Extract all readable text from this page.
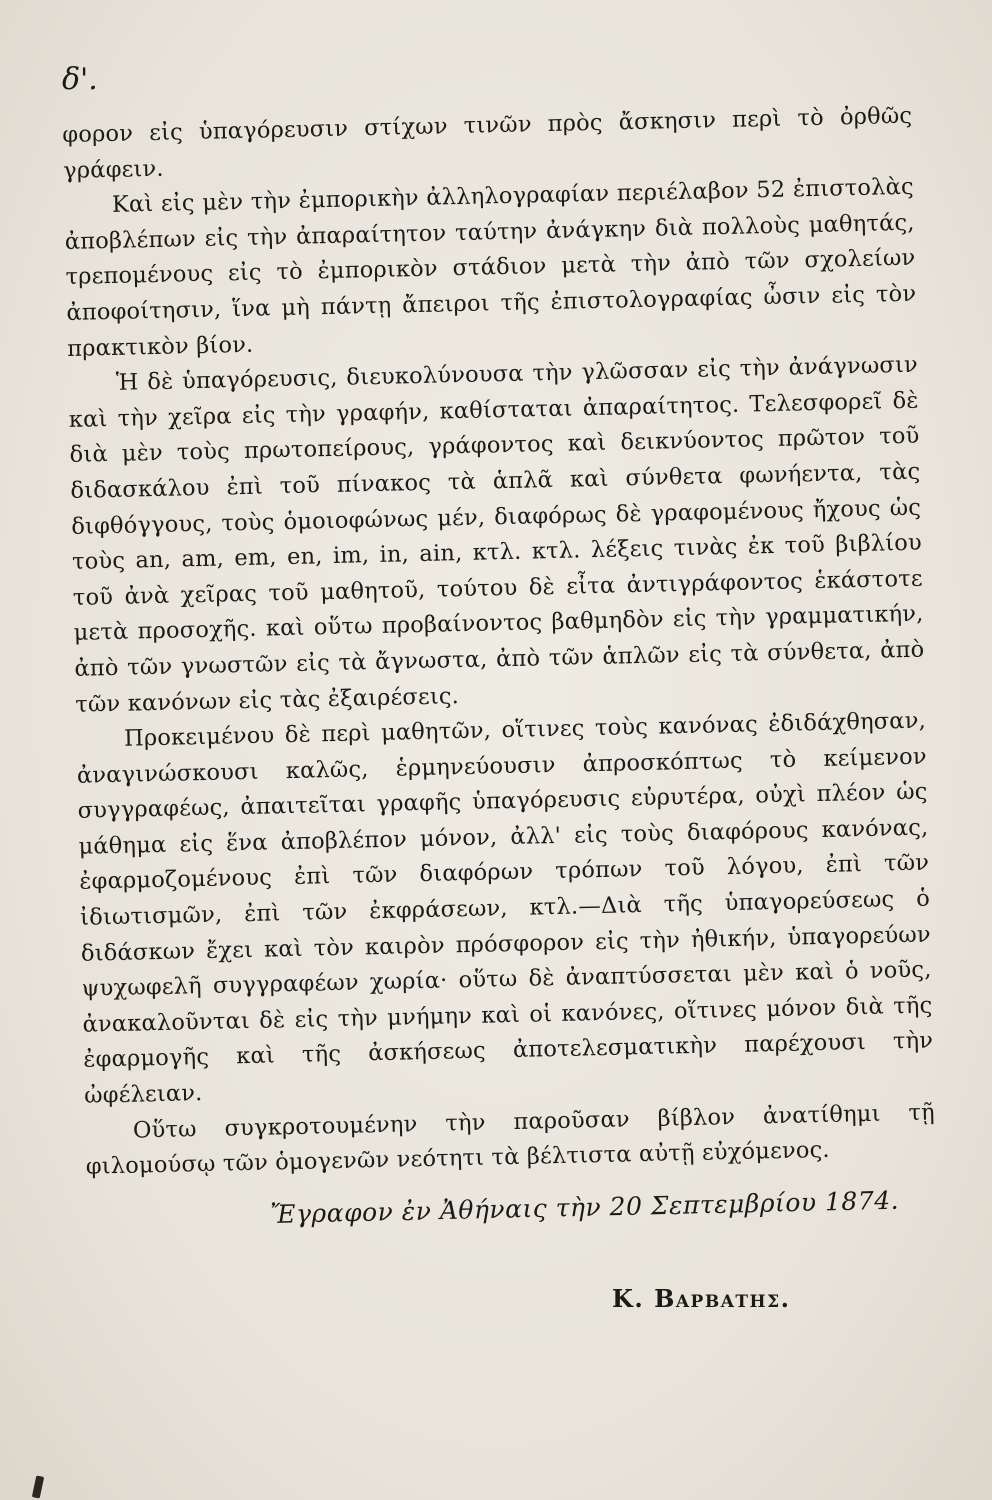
δ'.

φορον εἰς ὑπαγόρευσιν στίχων τινῶν πρὸς ἄσκησιν περὶ τὸ ὀρθῶς γράφειν.

Καὶ εἰς μὲν τὴν ἐμπορικὴν ἀλληλογραφίαν περιέλαβον 52 ἐπιστολὰς ἀποβλέπων εἰς τὴν ἀπαραίτητον ταύτην ἀνάγκην διὰ πολλοὺς μαθητάς, τρεπομένους εἰς τὸ ἐμπορικὸν στάδιον μετὰ τὴν ἀπὸ τῶν σχολείων ἀποφοίτησιν, ἵνα μὴ πάντῃ ἄπειροι τῆς ἐπιστολογραφίας ὦσιν εἰς τὸν πρακτικὸν βίον.

Ἡ δὲ ὑπαγόρευσις, διευκολύνουσα τὴν γλῶσσαν εἰς τὴν ἀνάγνωσιν καὶ τὴν χεῖρα εἰς τὴν γραφήν, καθίσταται ἀπαραίτητος. Τελεσφορεῖ δὲ διὰ μὲν τοὺς πρωτοπείρους, γράφοντος καὶ δεικνύοντος πρῶτον τοῦ διδασκάλου ἐπὶ τοῦ πίνακος τὰ ἁπλᾶ καὶ σύνθετα φωνήεντα, τὰς διφθόγγους, τοὺς ὁμοιοφώνως μέν, διαφόρως δὲ γραφομένους ἤχους ὡς τοὺς an, am, em, en, im, in, ain, κτλ. κτλ. λέξεις τινὰς ἐκ τοῦ βιβλίου τοῦ ἀνὰ χεῖρας τοῦ μαθητοῦ, τούτου δὲ εἶτα ἀντιγράφοντος ἑκάστοτε μετὰ προσοχῆς. καὶ οὕτω προβαίνοντος βαθμηδὸν εἰς τὴν γραμματικήν, ἀπὸ τῶν γνωστῶν εἰς τὰ ἄγνωστα, ἀπὸ τῶν ἁπλῶν εἰς τὰ σύνθετα, ἀπὸ τῶν κανόνων εἰς τὰς ἐξαιρέσεις.

Προκειμένου δὲ περὶ μαθητῶν, οἵτινες τοὺς κανόνας ἐδιδάχθησαν, ἀναγινώσκουσι καλῶς, ἑρμηνεύουσιν ἀπροσκόπτως τὸ κείμενον συγγραφέως, ἀπαιτεῖται γραφῆς ὑπαγόρευσις εὐρυτέρα, οὐχὶ πλέον ὡς μάθημα εἰς ἕνα ἀποβλέπον μόνον, ἀλλ' εἰς τοὺς διαφόρους κανόνας, ἐφαρμοζομένους ἐπὶ τῶν διαφόρων τρόπων τοῦ λόγου, ἐπὶ τῶν ἰδιωτισμῶν, ἐπὶ τῶν ἐκφράσεων, κτλ.—Διὰ τῆς ὑπαγορεύσεως ὁ διδάσκων ἔχει καὶ τὸν καιρὸν πρόσφορον εἰς τὴν ἠθικήν, ὑπαγορεύων ψυχωφελῆ συγγραφέων χωρία· οὕτω δὲ ἀναπτύσσεται μὲν καὶ ὁ νοῦς, ἀνακαλοῦνται δὲ εἰς τὴν μνήμην καὶ οἱ κανόνες, οἵτινες μόνον διὰ τῆς ἐφαρμογῆς καὶ τῆς ἀσκήσεως ἀποτελεσματικὴν παρέχουσι τὴν ὠφέλειαν.

Οὕτω συγκροτουμένην τὴν παροῦσαν βίβλον ἀνατίθημι τῇ φιλομούσῳ τῶν ὁμογενῶν νεότητι τὰ βέλτιστα αὐτῇ εὐχόμενος.

Ἔγραφον ἐν Ἀθήναις τὴν 20 Σεπτεμβρίου 1874.
Κ. Βαρβατησ.
